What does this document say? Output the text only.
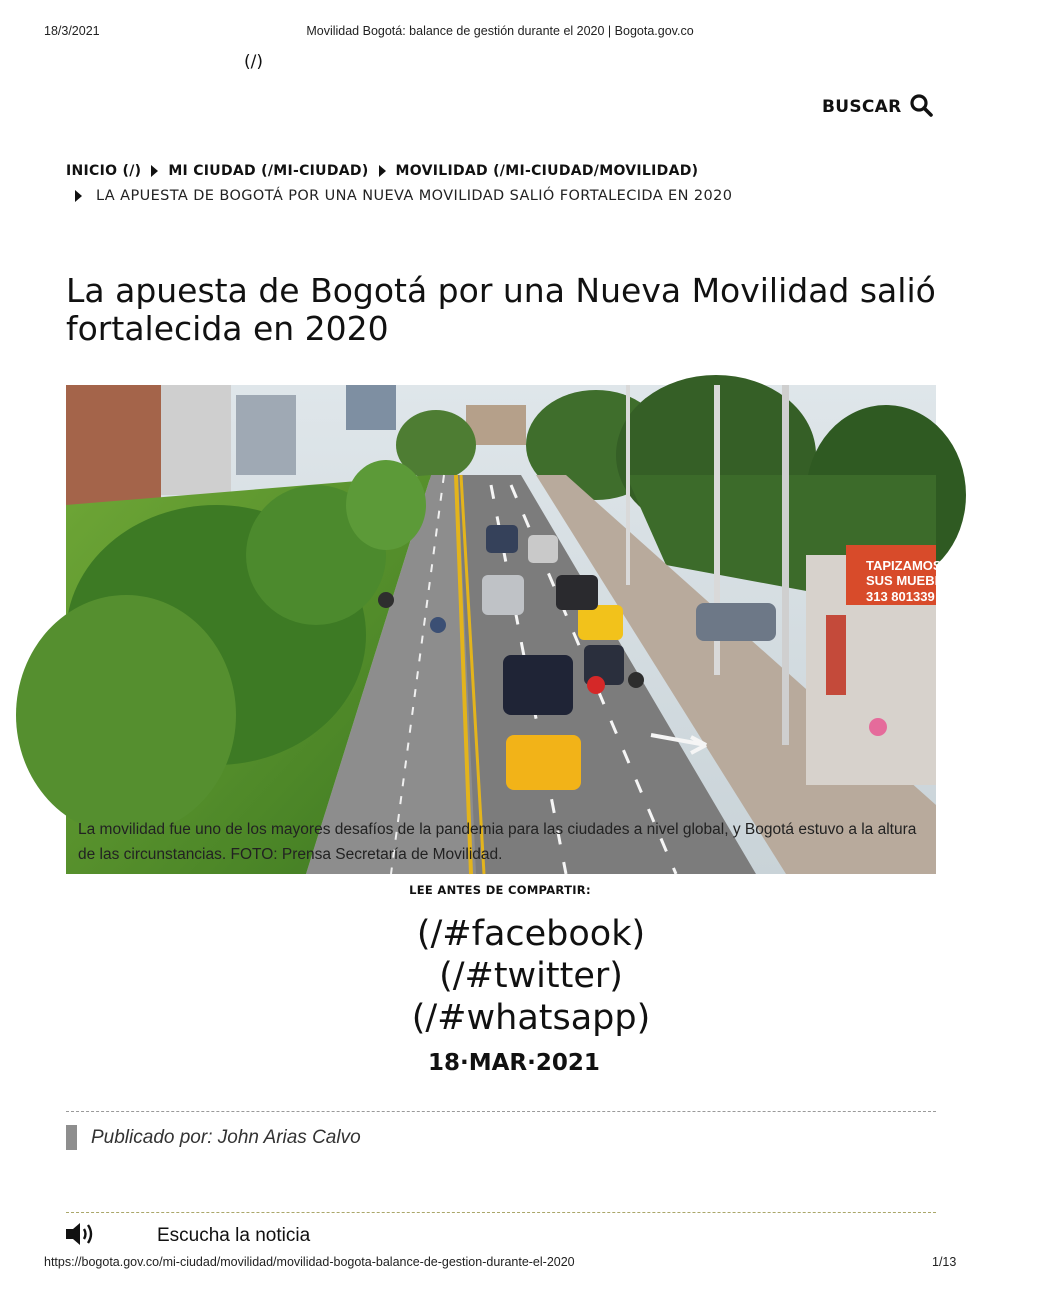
18/3/2021	Movilidad Bogotá: balance de gestión durante el 2020 | Bogota.gov.co
(/)
BUSCAR
INICIO (/) MI CIUDAD (/MI-CIUDAD) MOVILIDAD (/MI-CIUDAD/MOVILIDAD)
LA APUESTA DE BOGOTÁ POR UNA NUEVA MOVILIDAD SALIÓ FORTALECIDA EN 2020
La apuesta de Bogotá por una Nueva Movilidad salió fortalecida en 2020
TAPIZAMOS
SUS MUEBLE
313 801339
La movilidad fue uno de los mayores desafíos de la pandemia para las ciudades a nivel global, y Bogotá estuvo a la altura de las circunstancias. FOTO: Prensa Secretaría de Movilidad.
LEE ANTES DE COMPARTIR:
(/#facebook)
(/#twitter)
(/#whatsapp)
18·MAR·2021
Publicado por: John Arias Calvo
Escucha la noticia
https://bogota.gov.co/mi-ciudad/movilidad/movilidad-bogota-balance-de-gestion-durante-el-2020	1/13
